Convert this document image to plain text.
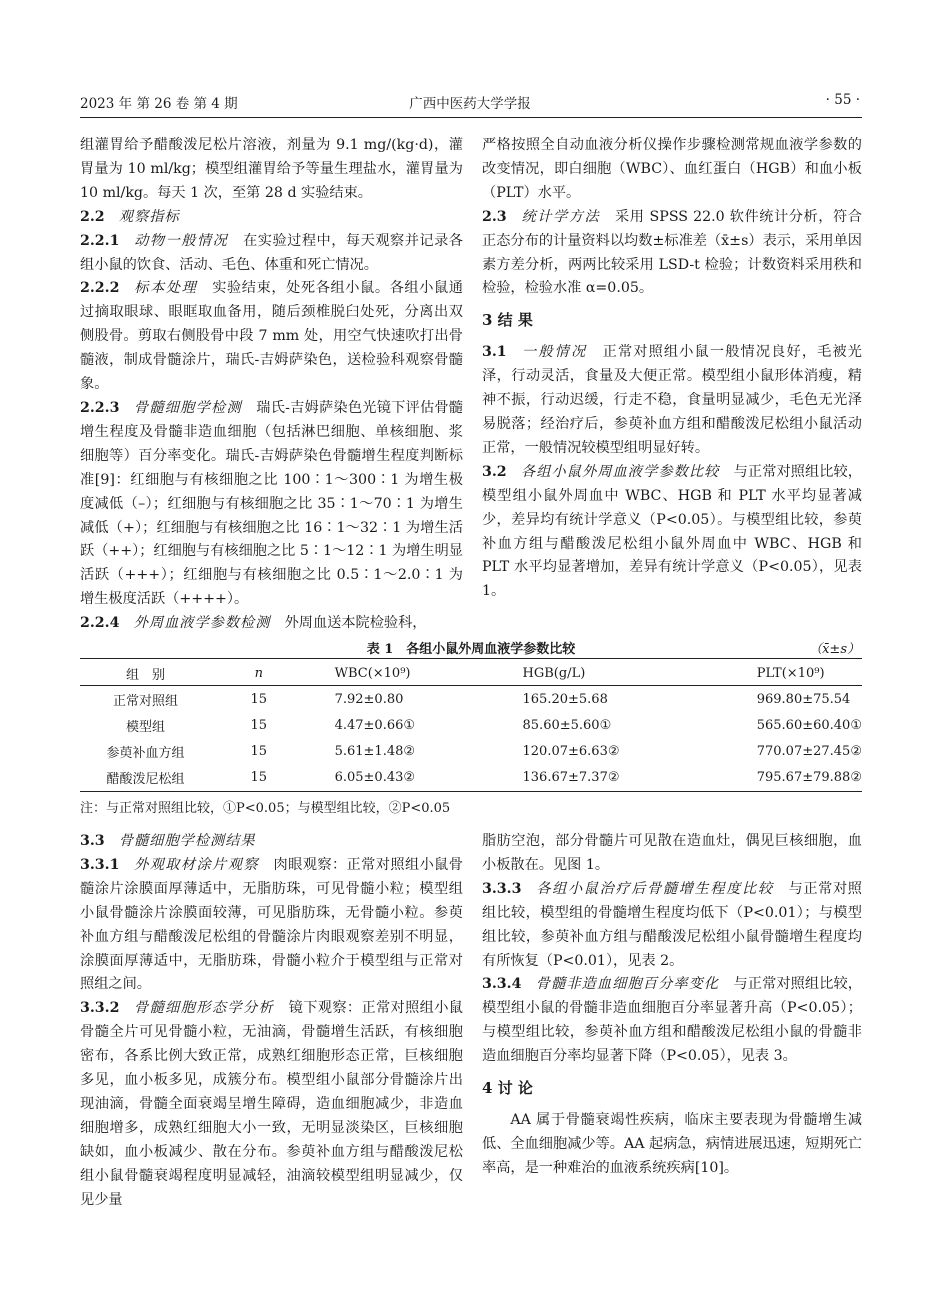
2023 年 第 26 卷 第 4 期	广西中医药大学学报	· 55 ·

组灌胃给予醋酸泼尼松片溶液，剂量为 9.1 mg/(kg·d)，灌胃量为 10 ml/kg；模型组灌胃给予等量生理盐水，灌胃量为 10 ml/kg。每天 1 次，至第 28 d 实验结束。

2.2  观察指标 

2.2.1  动物一般情况  在实验过程中，每天观察并记录各组小鼠的饮食、活动、毛色、体重和死亡情况。

2.2.2  标本处理  实验结束，处死各组小鼠。各组小鼠通过摘取眼球、眼眶取血备用，随后颈椎脱臼处死，分离出双侧股骨。剪取右侧股骨中段 7 mm 处，用空气快速吹打出骨髓液，制成骨髓涂片，瑞氏-吉姆萨染色，送检验科观察骨髓象。

2.2.3  骨髓细胞学检测  瑞氏-吉姆萨染色光镜下评估骨髓增生程度及骨髓非造血细胞（包括淋巴细胞、单核细胞、浆细胞等）百分率变化。瑞氏-吉姆萨染色骨髓增生程度判断标准[9]：红细胞与有核细胞之比 100∶1～300∶1 为增生极度减低（–）；红细胞与有核细胞之比 35∶1～70∶1 为增生减低（+）；红细胞与有核细胞之比 16∶1～32∶1 为增生活跃（++）；红细胞与有核细胞之比 5∶1～12∶1 为增生明显活跃（+++）；红细胞与有核细胞之比 0.5∶1～2.0∶1 为增生极度活跃（++++）。

2.2.4  外周血液学参数检测  外周血送本院检验科，

严格按照全自动血液分析仪操作步骤检测常规血液学参数的改变情况，即白细胞（WBC）、血红蛋白（HGB）和血小板（PLT）水平。

2.3  统计学方法  采用 SPSS 22.0 软件统计分析，符合正态分布的计量资料以均数±标准差（x̄±s）表示，采用单因素方差分析，两两比较采用 LSD-t 检验；计数资料采用秩和检验，检验水准 α=0.05。

3 结 果

3.1  一般情况  正常对照组小鼠一般情况良好，毛被光泽，行动灵活，食量及大便正常。模型组小鼠形体消瘦，精神不振，行动迟缓，行走不稳，食量明显减少，毛色无光泽易脱落；经治疗后，参萸补血方组和醋酸泼尼松组小鼠活动正常，一般情况较模型组明显好转。

3.2  各组小鼠外周血液学参数比较  与正常对照组比较，模型组小鼠外周血中 WBC、HGB 和 PLT 水平均显著减少，差异均有统计学意义（P<0.05）。与模型组比较，参萸补血方组与醋酸泼尼松组小鼠外周血中 WBC、HGB 和 PLT 水平均显著增加，差异有统计学意义（P<0.05），见表 1。

表 1　各组小鼠外周血液学参数比较	（x̄±s）
组　别	n	WBC(×10⁹)	HGB(g/L)	PLT(×10⁹)
正常对照组	15	7.92±0.80	165.20±5.68	969.80±75.54
模型组	15	4.47±0.66①	85.60±5.60①	565.60±60.40①
参萸补血方组	15	5.61±1.48②	120.07±6.63②	770.07±27.45②
醋酸泼尼松组	15	6.05±0.43②	136.67±7.37②	795.67±79.88②
注：与正常对照组比较，①P<0.05；与模型组比较，②P<0.05

3.3  骨髓细胞学检测结果 

3.3.1  外观取材涂片观察  肉眼观察：正常对照组小鼠骨髓涂片涂膜面厚薄适中，无脂肪珠，可见骨髓小粒；模型组小鼠骨髓涂片涂膜面较薄，可见脂肪珠，无骨髓小粒。参萸补血方组与醋酸泼尼松组的骨髓涂片肉眼观察差别不明显，涂膜面厚薄适中，无脂肪珠，骨髓小粒介于模型组与正常对照组之间。

3.3.2  骨髓细胞形态学分析  镜下观察：正常对照组小鼠骨髓全片可见骨髓小粒，无油滴，骨髓增生活跃，有核细胞密布，各系比例大致正常，成熟红细胞形态正常，巨核细胞多见，血小板多见，成簇分布。模型组小鼠部分骨髓涂片出现油滴，骨髓全面衰竭呈增生障碍，造血细胞减少，非造血细胞增多，成熟红细胞大小一致，无明显淡染区，巨核细胞缺如，血小板减少、散在分布。参萸补血方组与醋酸泼尼松组小鼠骨髓衰竭程度明显减轻，油滴较模型组明显减少，仅见少量

脂肪空泡，部分骨髓片可见散在造血灶，偶见巨核细胞，血小板散在。见图 1。

3.3.3  各组小鼠治疗后骨髓增生程度比较  与正常对照组比较，模型组的骨髓增生程度均低下（P<0.01）；与模型组比较，参萸补血方组与醋酸泼尼松组小鼠骨髓增生程度均有所恢复（P<0.01），见表 2。

3.3.4  骨髓非造血细胞百分率变化  与正常对照组比较，模型组小鼠的骨髓非造血细胞百分率显著升高（P<0.05）；与模型组比较，参萸补血方组和醋酸泼尼松组小鼠的骨髓非造血细胞百分率均显著下降（P<0.05），见表 3。

4 讨 论

AA 属于骨髓衰竭性疾病，临床主要表现为骨髓增生减低、全血细胞减少等。AA 起病急，病情进展迅速，短期死亡率高，是一种难治的血液系统疾病[10]。
